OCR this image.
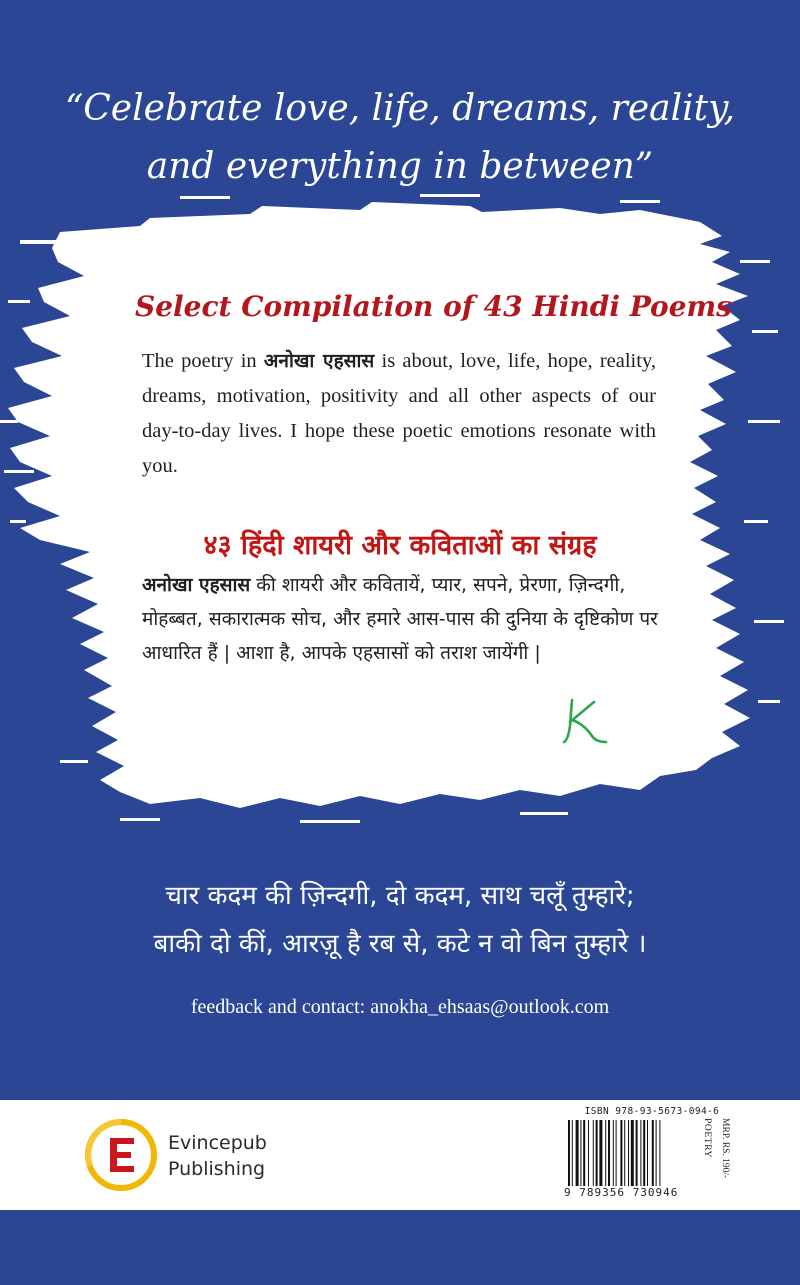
“Celebrate love, life, dreams, reality,
and everything in between”
Select Compilation of 43 Hindi Poems
The poetry in अनोखा एहसास is about, love, life, hope, reality, dreams, motivation, positivity and all other aspects of our day-to-day lives. I hope these poetic emotions resonate with you.
४३ हिंदी शायरी और कविताओं का संग्रह
अनोखा एहसास की शायरी और कवितायें, प्यार, सपने, प्रेरणा, ज़िन्दगी, मोहब्बत, सकारात्मक सोच, और हमारे आस-पास की दुनिया के दृष्टिकोण पर आधारित हैं | आशा है, आपके एहसासों को तराश जायेंगी |
चार कदम की ज़िन्दगी, दो कदम, साथ चलूँ तुम्हारे;
बाकी दो कीं, आरज़ू है रब से, कटे न वो बिन तुम्हारे ।
feedback and contact: anokha_ehsaas@outlook.com
Evincepub
Publishing
ISBN 978-93-5673-094-6
9 789356 730946
POETRY MRP. RS. 190/-
